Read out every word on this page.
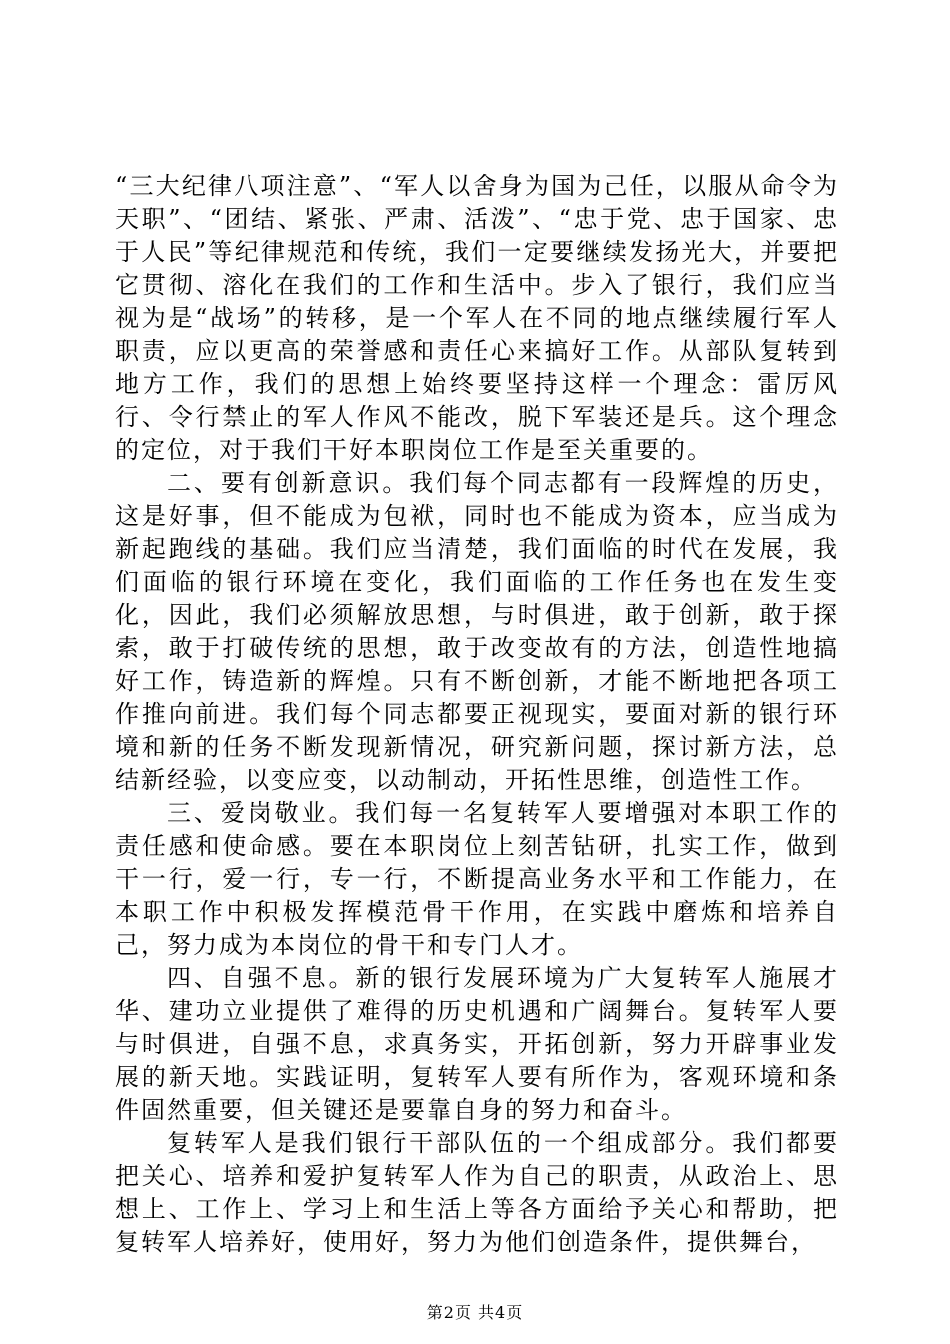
“三大纪律八项注意”、“军人以舍身为国为己任，以服从命令为天职”、“团结、紧张、严肃、活泼”、“忠于党、忠于国家、忠于人民”等纪律规范和传统，我们一定要继续发扬光大，并要把它贯彻、溶化在我们的工作和生活中。步入了银行，我们应当视为是“战场”的转移，是一个军人在不同的地点继续履行军人职责，应以更高的荣誉感和责任心来搞好工作。从部队复转到地方工作，我们的思想上始终要坚持这样一个理念：雷厉风行、令行禁止的军人作风不能改，脱下军装还是兵。这个理念的定位，对于我们干好本职岗位工作是至关重要的。

二、要有创新意识。我们每个同志都有一段辉煌的历史，这是好事，但不能成为包袱，同时也不能成为资本，应当成为新起跑线的基础。我们应当清楚，我们面临的时代在发展，我们面临的银行环境在变化，我们面临的工作任务也在发生变化，因此，我们必须解放思想，与时俱进，敢于创新，敢于探索，敢于打破传统的思想，敢于改变故有的方法，创造性地搞好工作，铸造新的辉煌。只有不断创新，才能不断地把各项工作推向前进。我们每个同志都要正视现实，要面对新的银行环境和新的任务不断发现新情况，研究新问题，探讨新方法，总结新经验，以变应变，以动制动，开拓性思维，创造性工作。

三、爱岗敬业。我们每一名复转军人要增强对本职工作的责任感和使命感。要在本职岗位上刻苦钻研，扎实工作，做到干一行，爱一行，专一行，不断提高业务水平和工作能力，在本职工作中积极发挥模范骨干作用，在实践中磨炼和培养自己，努力成为本岗位的骨干和专门人才。

四、自强不息。新的银行发展环境为广大复转军人施展才华、建功立业提供了难得的历史机遇和广阔舞台。复转军人要与时俱进，自强不息，求真务实，开拓创新，努力开辟事业发展的新天地。实践证明，复转军人要有所作为，客观环境和条件固然重要，但关键还是要靠自身的努力和奋斗。

复转军人是我们银行干部队伍的一个组成部分。我们都要把关心、培养和爱护复转军人作为自己的职责，从政治上、思想上、工作上、学习上和生活上等各方面给予关心和帮助，把复转军人培养好，使用好，努力为他们创造条件，提供舞台，

第2页 共4页
